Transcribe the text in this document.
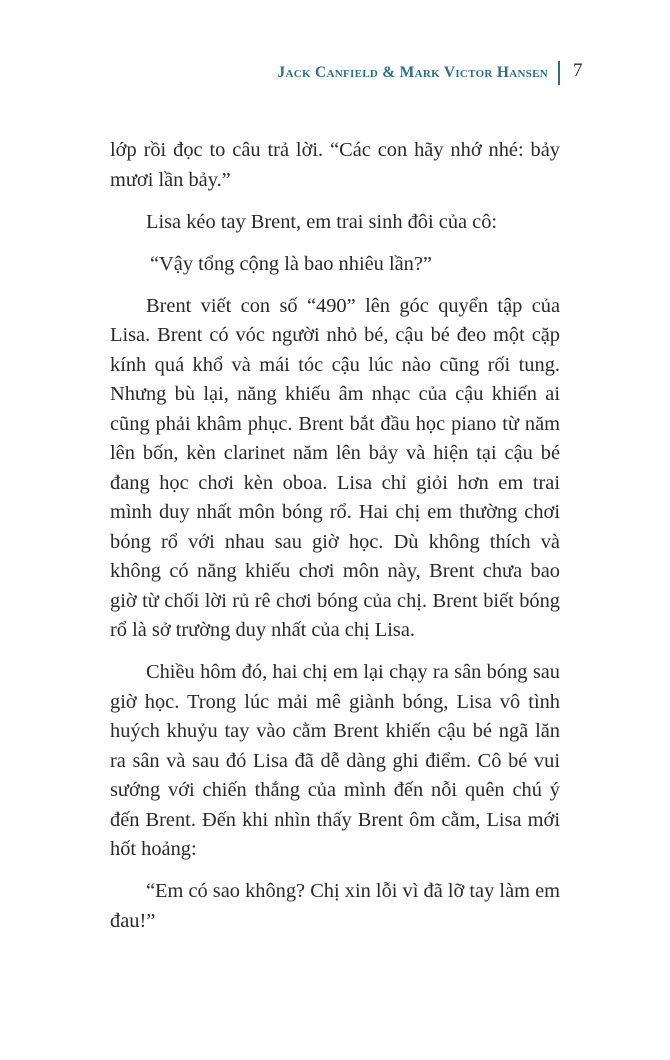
Jack Canfield & Mark Victor Hansen 7

lớp rồi đọc to câu trả lời. “Các con hãy nhớ nhé: bảy mươi lần bảy.”

Lisa kéo tay Brent, em trai sinh đôi của cô:

“Vậy tổng cộng là bao nhiêu lần?”

Brent viết con số “490” lên góc quyển tập của Lisa. Brent có vóc người nhỏ bé, cậu bé đeo một cặp kính quá khổ và mái tóc cậu lúc nào cũng rối tung. Nhưng bù lại, năng khiếu âm nhạc của cậu khiến ai cũng phải khâm phục. Brent bắt đầu học piano từ năm lên bốn, kèn clarinet năm lên bảy và hiện tại cậu bé đang học chơi kèn oboa. Lisa chỉ giỏi hơn em trai mình duy nhất môn bóng rổ. Hai chị em thường chơi bóng rổ với nhau sau giờ học. Dù không thích và không có năng khiếu chơi môn này, Brent chưa bao giờ từ chối lời rủ rê chơi bóng của chị. Brent biết bóng rổ là sở trường duy nhất của chị Lisa.

Chiều hôm đó, hai chị em lại chạy ra sân bóng sau giờ học. Trong lúc mải mê giành bóng, Lisa vô tình huých khuỷu tay vào cằm Brent khiến cậu bé ngã lăn ra sân và sau đó Lisa đã dễ dàng ghi điểm. Cô bé vui sướng với chiến thắng của mình đến nỗi quên chú ý đến Brent. Đến khi nhìn thấy Brent ôm cằm, Lisa mới hốt hoảng:

“Em có sao không? Chị xin lỗi vì đã lỡ tay làm em đau!”
